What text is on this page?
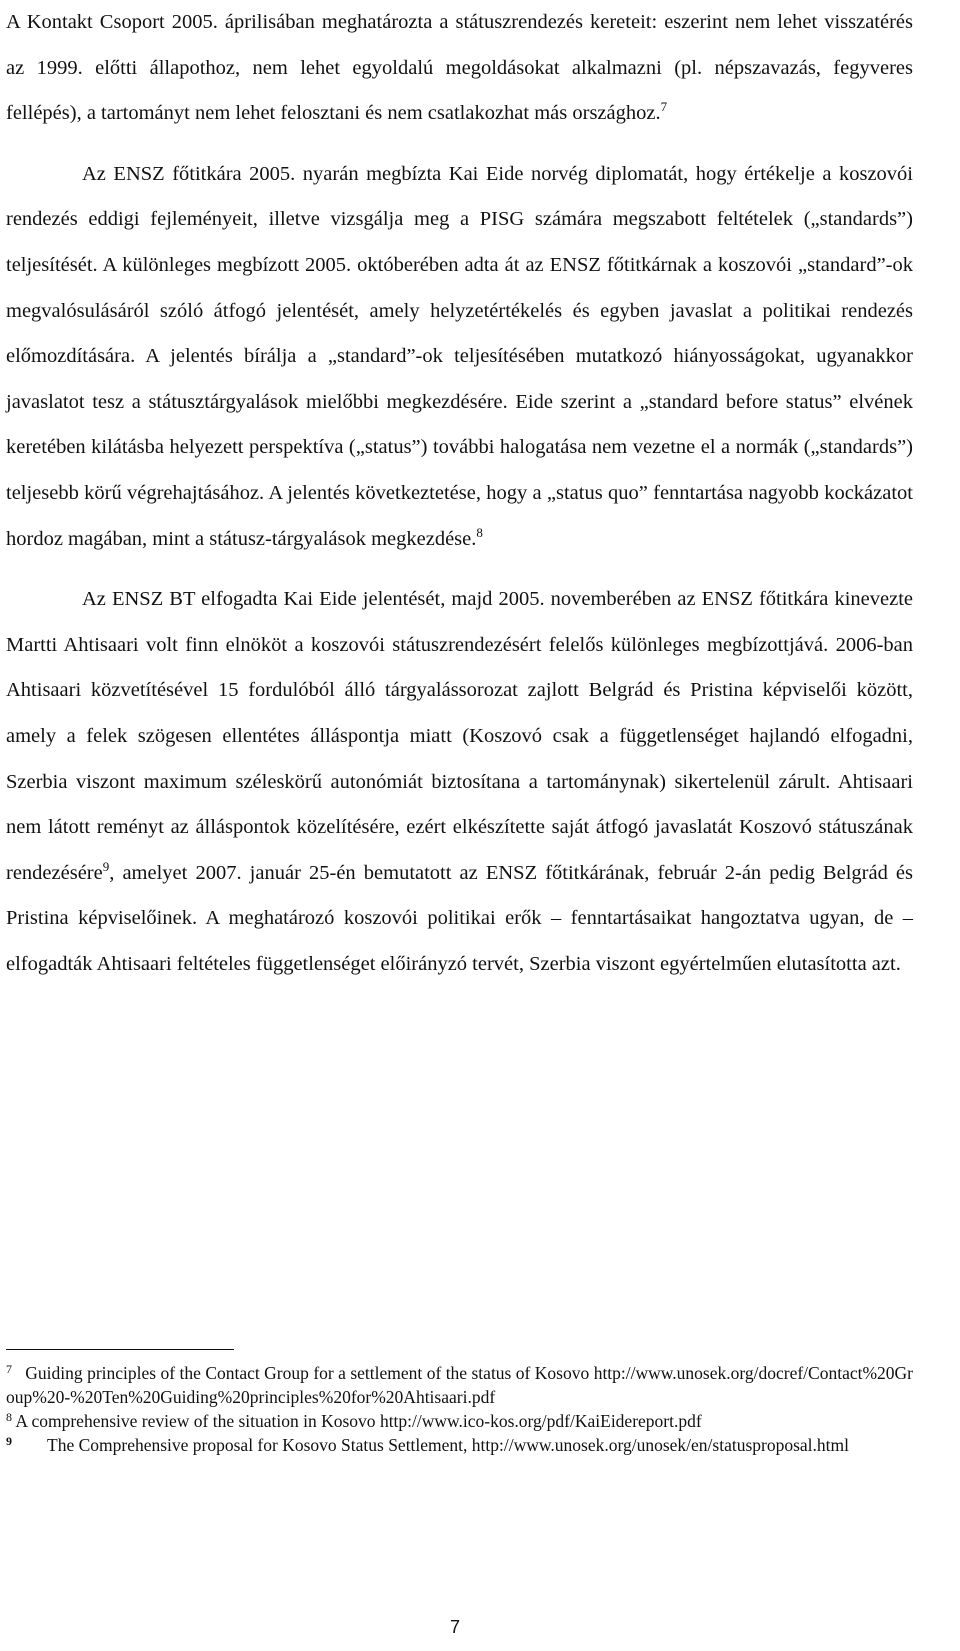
A Kontakt Csoport 2005. áprilisában meghatározta a státuszrendezés kereteit: eszerint nem lehet visszatérés az 1999. előtti állapothoz, nem lehet egyoldalú megoldásokat alkalmazni (pl. népszavazás, fegyveres fellépés), a tartományt nem lehet felosztani és nem csatlakozhat más országhoz.$^7$

Az ENSZ főtitkára 2005. nyarán megbízta Kai Eide norvég diplomatát, hogy értékelje a koszovói rendezés eddigi fejleményeit, illetve vizsgálja meg a PISG számára megszabott feltételek („standards”) teljesítését. A különleges megbízott 2005. októberében adta át az ENSZ főtitkárnak a koszovói „standard”-ok megvalósulásáról szóló átfogó jelentését, amely helyzetértékelés és egyben javaslat a politikai rendezés előmozdítására. A jelentés bírálja a „standard”-ok teljesítésében mutatkozó hiányosságokat, ugyanakkor javaslatot tesz a státusztárgyalások mielőbbi megkezdésére. Eide szerint a „standard before status” elvének keretében kilátásba helyezett perspektíva („status”) további halogatása nem vezetne el a normák („standards”) teljesebb körű végrehajtásához. A jelentés következtetése, hogy a „status quo” fenntartása nagyobb kockázatot hordoz magában, mint a státusz-tárgyalások megkezdése.$^8$

Az ENSZ BT elfogadta Kai Eide jelentését, majd 2005. novemberében az ENSZ főtitkára kinevezte Martti Ahtisaari volt finn elnököt a koszovói státuszrendezésért felelős különleges megbízottjává. 2006-ban Ahtisaari közvetítésével 15 fordulóból álló tárgyalássorozat zajlott Belgrád és Pristina képviselői között, amely a felek szögesen ellentétes álláspontja miatt (Koszovó csak a függetlenséget hajlandó elfogadni, Szerbia viszont maximum széleskörű autonómiát biztosítana a tartománynak) sikertelenül zárult. Ahtisaari nem látott reményt az álláspontok közelítésére, ezért elkészítette saját átfogó javaslatát Koszovó státuszának rendezésére$^9$, amelyet 2007. január 25-én bemutatott az ENSZ főtitkárának, február 2-án pedig Belgrád és Pristina képviselőinek. A meghatározó koszovói politikai erők – fenntartásaikat hangoztatva ugyan, de – elfogadták Ahtisaari feltételes függetlenséget előirányzó tervét, Szerbia viszont egyértelműen elutasította azt.

$^7$ Guiding principles of the Contact Group for a settlement of the status of Kosovo http://www.unosek.org/docref/Contact%20Group%20-%20Ten%20Guiding%20principles%20for%20Ahtisaari.pdf

$^8$ A comprehensive review of the situation in Kosovo http://www.ico-kos.org/pdf/KaiEidereport.pdf

$^9$ The Comprehensive proposal for Kosovo Status Settlement, http://www.unosek.org/unosek/en/statusproposal.html

7
